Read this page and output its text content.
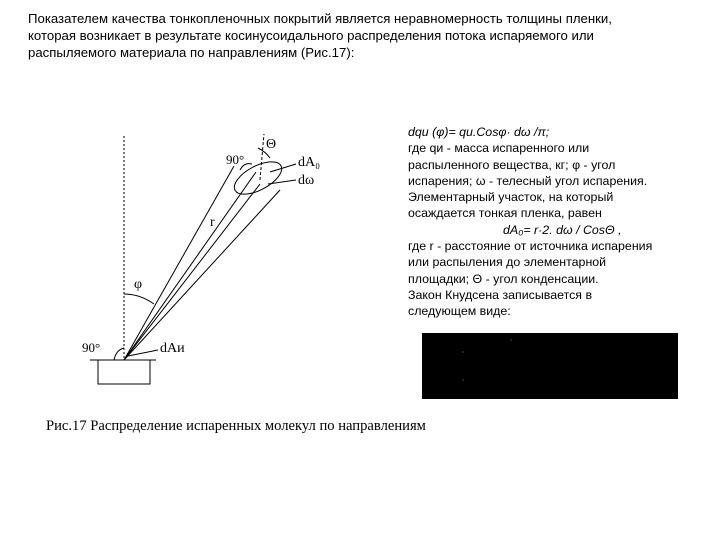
Показателем качества тонкопленочных покрытий является неравномерность толщины пленки,
которая возникает в результате косинусоидального распределения потока испаряемого или
распыляемого материала по направлениям (Рис.17):
Θ
90°	dA₀
dω
r
φ
90°	dAи
Рис.17 Распределение испаренных молекул по направлениям
dqи (φ)= qи.Cosφ· dω /π;
где qи - масса испаренного или
распыленного вещества, кг; φ - угол
испарения; ω - телесный угол испарения.
Элементарный участок, на который
осаждается тонкая пленка, равен
dA₀= r·2. dω / CosΘ ,
где r - расстояние от источника испарения
или распыления до элементарной
площадки; Θ - угол конденсации.
Закон Кнудсена записывается в
следующем виде:
